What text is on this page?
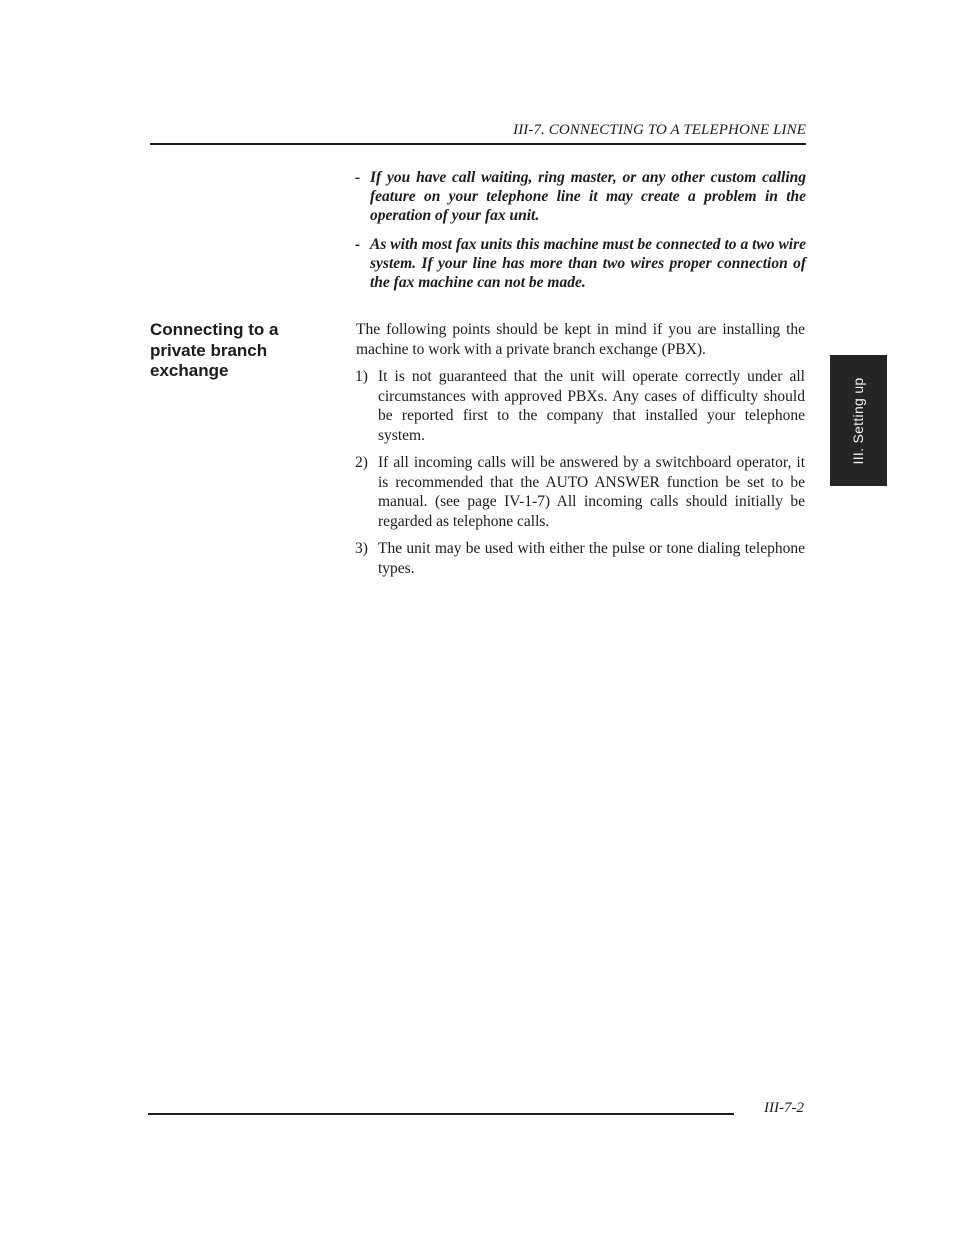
III-7. CONNECTING TO A TELEPHONE LINE
- If you have call waiting, ring master, or any other custom calling feature on your telephone line it may create a problem in the operation of your fax unit.
- As with most fax units this machine must be connected to a two wire system. If your line has more than two wires proper connection of the fax machine can not be made.
Connecting to a
private branch
exchange

The following points should be kept in mind if you are installing the machine to work with a private branch exchange (PBX).

1) It is not guaranteed that the unit will operate correctly under all circumstances with approved PBXs. Any cases of difficulty should be reported first to the company that installed your telephone system.
2) If all incoming calls will be answered by a switchboard operator, it is recommended that the AUTO ANSWER function be set to be manual. (see page IV-1-7) All incoming calls should initially be regarded as telephone calls.
3) The unit may be used with either the pulse or tone dialing telephone types.
III. Setting up
III-7-2
